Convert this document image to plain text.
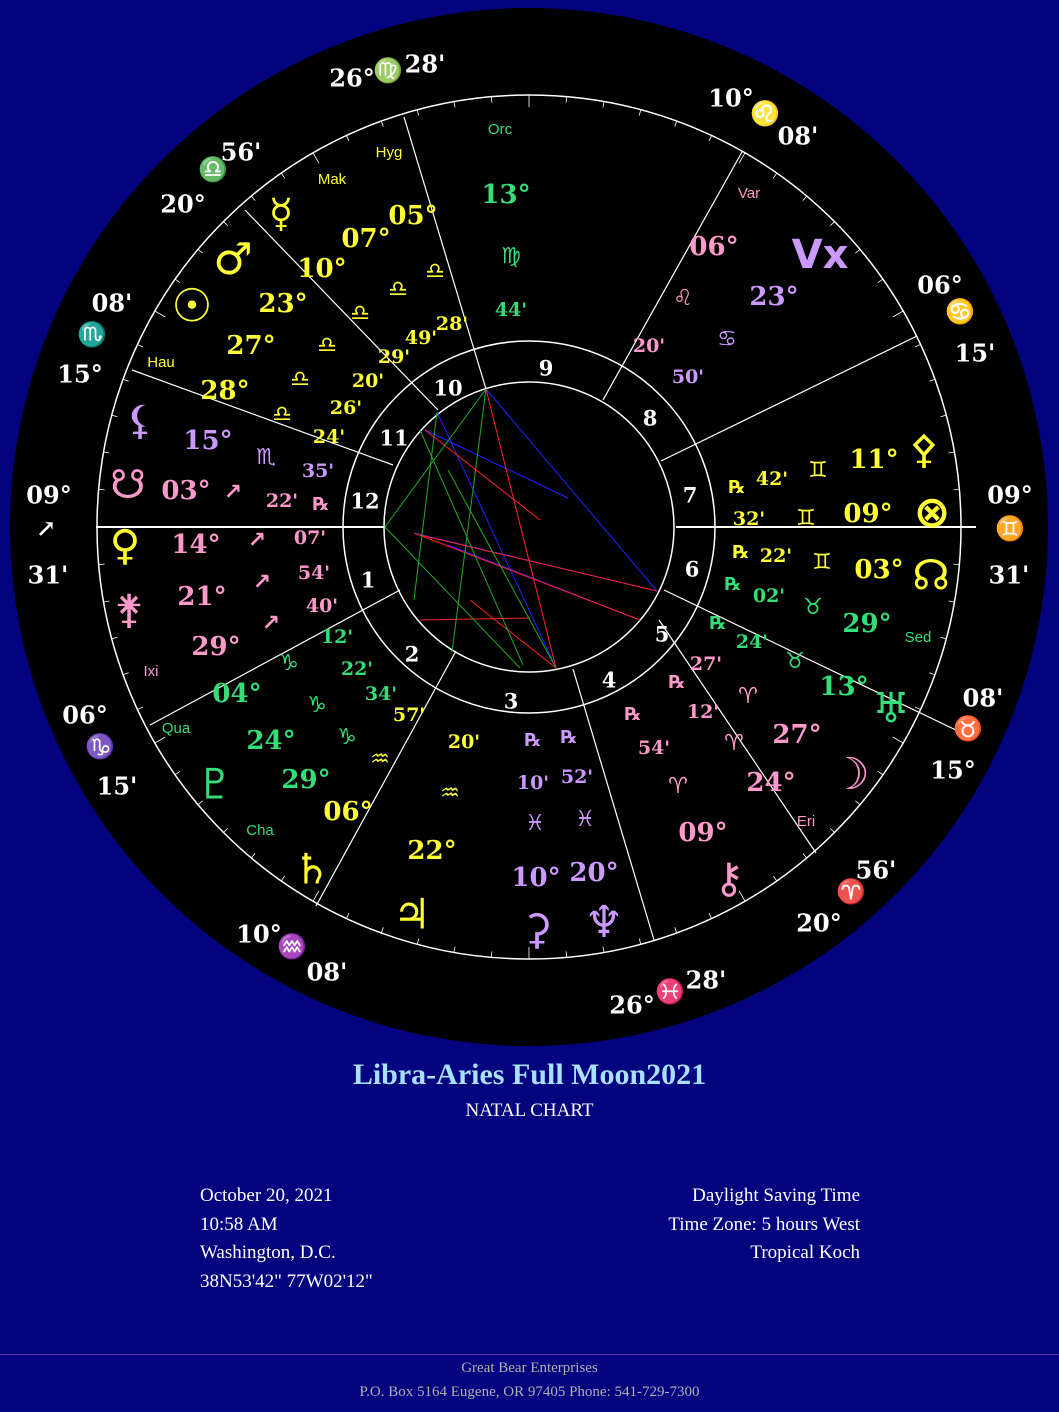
26°
♍ 28'
10°
♌
08'
56'
♎
20°
06°
♋
15'
08'
♏
15°
09°
↗
31'
09°
♊
31'
06°
♑
15'
08'
♉
15°
10°
♒
08'
56'
♈
20°
26° ♓ 28'
1
2
3
4
5
6
7
8
9
10
11
12
Orc
Hyg
Mak
Var
Hau
Sed
Ixi
Qua
Cha
Eri
☿
♂
☉
⚸
☋
♀
⚵
♇
♄
♃ ⚳ ♆
⚷
☽
♅
☊
⊗
⚴
Vx
05°
07°
10°
23°
27°
28°
15°
03°
14°
21°
29°
04°
24°
29°
06°
22°
10° 20°
09°
24°
27°
13°
29°
03°
09°
11°
23°
06°
13°
28'
49'
29'
20'
26'
24'
35'
22'
07'
54'
40'
12'
22'
34'
57'
20'
10' 52'
54'
12'
27'
24'
02'
22'
32'
42'
50'
20'
44'
♎
♎
♎
♎
♎
♎
♏
↗
↗
↗
↗
♑
♑
♑
♒
♒
♓ ♓
♈
♈
♈
♉
♉
♊
♊
♊
♋
♌
♍
℞
℞ ℞
℞
℞
℞
℞
℞
℞
Libra-Aries Full Moon2021
NATAL CHART
October 20, 2021
10:58 AM
Washington, D.C.
38N53'42" 77W02'12"
Daylight Saving Time
Time Zone: 5 hours West
Tropical Koch
Great Bear Enterprises
P.O. Box 5164 Eugene, OR 97405 Phone: 541-729-7300
